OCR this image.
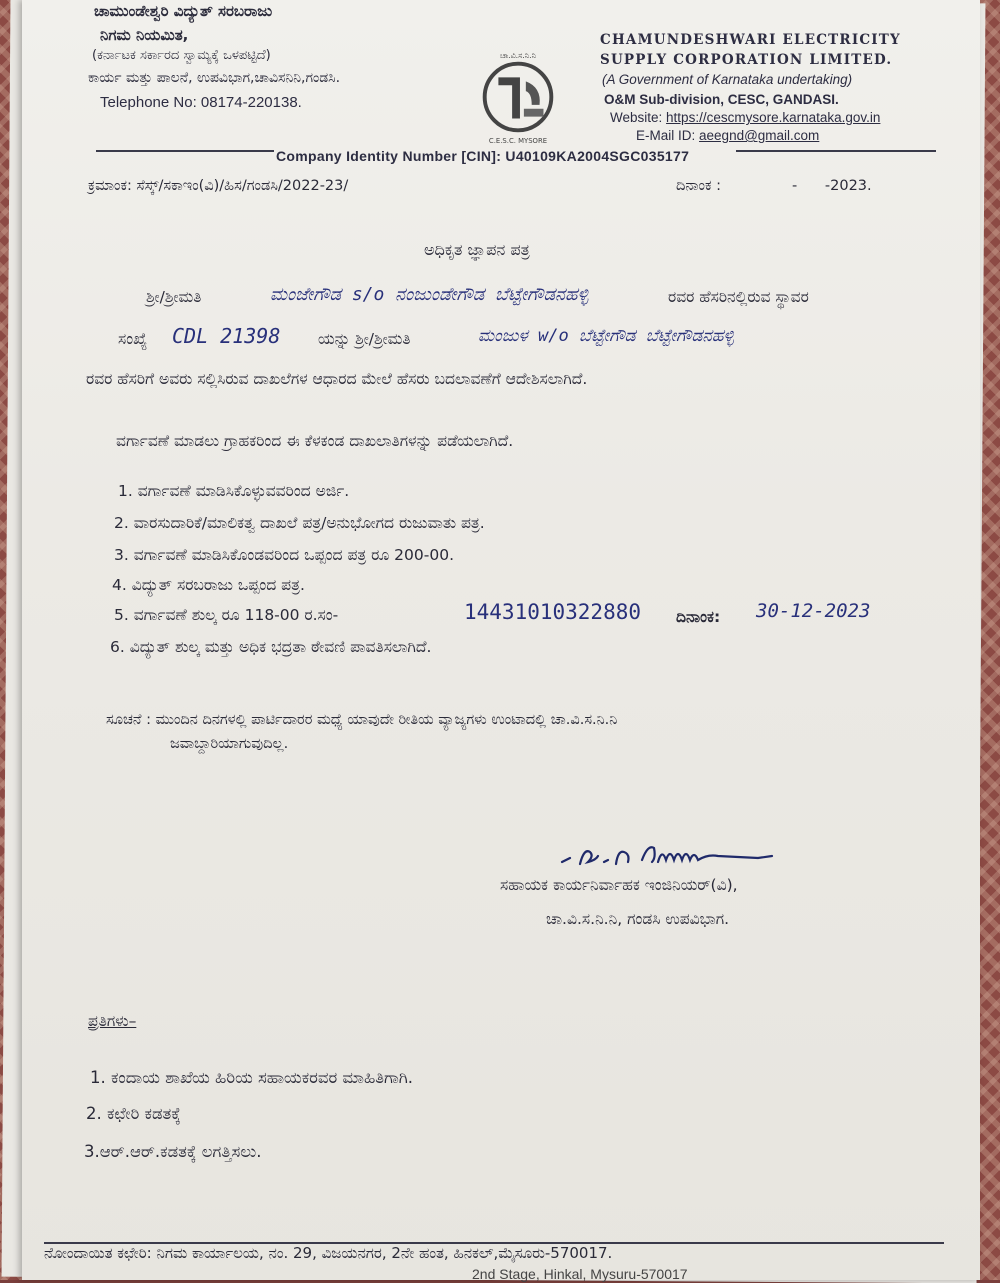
ಚಾಮುಂಡೇಶ್ವರಿ ವಿದ್ಯುತ್ ಸರಬರಾಜು
ನಿಗಮ ನಿಯಮಿತ,
(ಕರ್ನಾಟಕ ಸರ್ಕಾರದ ಸ್ವಾಮ್ಯಕ್ಕೆ ಒಳಪಟ್ಟಿದೆ)
ಕಾರ್ಯ ಮತ್ತು ಪಾಲನೆ, ಉಪವಿಭಾಗ,ಚಾವಿಸನಿನಿ,ಗಂಡಸಿ.
Telephone No: 08174-220138.
ಚಾ.ವಿ.ಸ.ನಿ.ನಿ
C.E.S.C. MYSORE
CHAMUNDESHWARI ELECTRICITY
SUPPLY CORPORATION LIMITED.
(A Government of Karnataka undertaking)
O&M Sub-division, CESC, GANDASI.
Website: https://cescmysore.karnataka.gov.in
E-Mail ID: aeegnd@gmail.com
Company Identity Number [CIN]: U40109KA2004SGC035177
ಕ್ರಮಾಂಕ: ಸೆಸ್ಕ್/ಸಕಾಇಂ(ವಿ)/ಹಿಸ/ಗಂಡಸಿ/2022-23/	ದಿನಾಂಕ :	-      -2023.
ಅಧಿಕೃತ ಜ್ಞಾಪನ ಪತ್ರ
ಶ್ರೀ/ಶ್ರೀಮತಿ	ಮಂಜೇಗೌಡ s/o ನಂಜುಂಡೇಗೌಡ ಬೆಟ್ಟೇಗೌಡನಹಳ್ಳಿ	ರವರ ಹೆಸರಿನಲ್ಲಿರುವ ಸ್ಥಾವರ
ಸಂಖ್ಯೆ CDL 21398 ಯನ್ನು ಶ್ರೀ/ಶ್ರೀಮತಿ	ಮಂಜುಳ w/o ಬೆಟ್ಟೇಗೌಡ ಬೆಟ್ಟೇಗೌಡನಹಳ್ಳಿ
ರವರ ಹೆಸರಿಗೆ ಅವರು ಸಲ್ಲಿಸಿರುವ ದಾಖಲೆಗಳ ಆಧಾರದ ಮೇಲೆ ಹೆಸರು ಬದಲಾವಣೆಗೆ ಆದೇಶಿಸಲಾಗಿದೆ.
ವರ್ಗಾವಣೆ ಮಾಡಲು ಗ್ರಾಹಕರಿಂದ ಈ ಕೆಳಕಂಡ ದಾಖಲಾತಿಗಳನ್ನು ಪಡೆಯಲಾಗಿದೆ.
1. ವರ್ಗಾವಣೆ ಮಾಡಿಸಿಕೊಳ್ಳುವವರಿಂದ ಅರ್ಜಿ.
2. ವಾರಸುದಾರಿಕೆ/ಮಾಲಿಕತ್ವ ದಾಖಲೆ ಪತ್ರ/ಅನುಭೋಗದ ರುಜುವಾತು ಪತ್ರ.
3. ವರ್ಗಾವಣೆ ಮಾಡಿಸಿಕೊಂಡವರಿಂದ ಒಪ್ಪಂದ ಪತ್ರ ರೂ 200-00.
4. ವಿದ್ಯುತ್ ಸರಬರಾಜು ಒಪ್ಪಂದ ಪತ್ರ.
5. ವರ್ಗಾವಣೆ ಶುಲ್ಕ ರೂ 118-00 ರ.ಸಂ-	14431010322880 ದಿನಾಂಕ: 30-12-2023
6. ವಿದ್ಯುತ್ ಶುಲ್ಕ ಮತ್ತು ಅಧಿಕ ಭದ್ರತಾ ಠೇವಣಿ ಪಾವತಿಸಲಾಗಿದೆ.
ಸೂಚನೆ : ಮುಂದಿನ ದಿನಗಳಲ್ಲಿ ಪಾರ್ಟಿದಾರರ ಮಧ್ಯೆ ಯಾವುದೇ ರೀತಿಯ ವ್ಯಾಜ್ಯಗಳು ಉಂಟಾದಲ್ಲಿ ಚಾ.ವಿ.ಸ.ನಿ.ನಿ
ಜವಾಬ್ದಾರಿಯಾಗುವುದಿಲ್ಲ.
ಸಹಾಯಕ ಕಾರ್ಯನಿರ್ವಾಹಕ ಇಂಜಿನಿಯರ್(ವಿ),
ಚಾ.ವಿ.ಸ.ನಿ.ನಿ, ಗಂಡಸಿ ಉಪವಿಭಾಗ.
ಪ್ರತಿಗಳು–
1. ಕಂದಾಯ ಶಾಖೆಯ ಹಿರಿಯ ಸಹಾಯಕರವರ ಮಾಹಿತಿಗಾಗಿ.
2. ಕಛೇರಿ ಕಡತಕ್ಕೆ
3.ಆರ್.ಆರ್.ಕಡತಕ್ಕೆ ಲಗತ್ತಿಸಲು.
ನೋಂದಾಯಿತ ಕಛೇರಿ: ನಿಗಮ ಕಾರ್ಯಾಲಯ, ನಂ. 29, ವಿಜಯನಗರ, 2ನೇ ಹಂತ, ಹಿನಕಲ್,ಮೈಸೂರು-570017.
2nd Stage, Hinkal, Mysuru-570017
